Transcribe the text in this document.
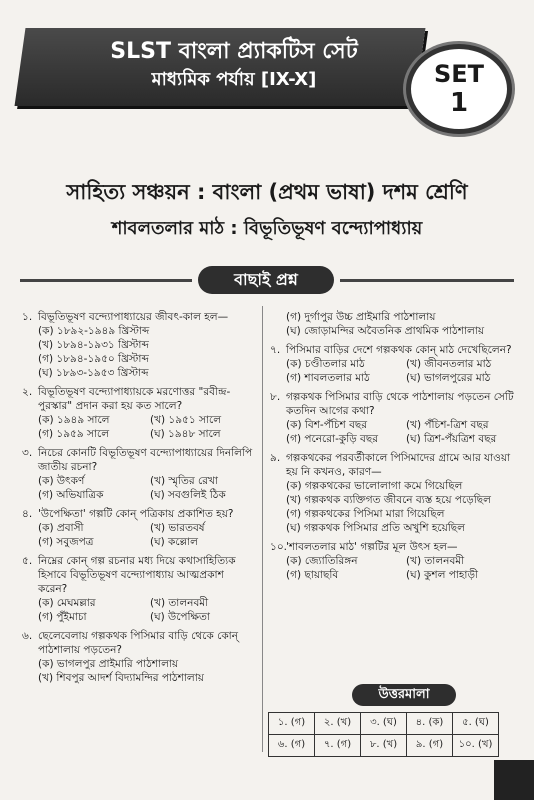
SLST বাংলা প্র্যাকটিস সেট
মাধ্যমিক পর্যায় [IX-X]	SET
1
সাহিত্য সঞ্চয়ন : বাংলা (প্রথম ভাষা) দশম শ্রেণি
শাবলতলার মাঠ : বিভূতিভূষণ বন্দ্যোপাধ্যায়
বাছাই প্রশ্ন
১. বিভূতিভূষণ বন্দ্যোপাধ্যায়ের জীবৎ-কাল হল—
(ক) ১৮৯২-১৯৪৯ খ্রিস্টাব্দ
(খ) ১৮৯৪-১৯৩১ খ্রিস্টাব্দ
(গ) ১৮৯৪-১৯৫০ খ্রিস্টাব্দ
(ঘ) ১৮৯৩-১৯৫৩ খ্রিস্টাব্দ
২. বিভূতিভূষণ বন্দ্যোপাধ্যায়কে মরণোত্তর "রবীন্দ্র-পুরস্কার" প্রদান করা হয় কত সালে?
(ক) ১৯৪৯ সালে	(খ) ১৯৫১ সালে
(গ) ১৯৫৯ সালে	(ঘ) ১৯৪৮ সালে
৩. নিচের কোনটি বিভূতিভূষণ বন্দ্যোপাধ্যায়ের দিনলিপি জাতীয় রচনা?
(ক) উৎকর্ণ	(খ) স্মৃতির রেখা
(গ) অভিযাত্রিক	(ঘ) সবগুলিই ঠিক
৪. 'উপেক্ষিতা' গল্পটি কোন্ পত্রিকায় প্রকাশিত হয়?
(ক) প্রবাসী	(খ) ভারতবর্ষ
(গ) সবুজপত্র	(ঘ) কল্লোল
৫. নিম্নের কোন্ গল্প রচনার মধ্য দিয়ে কথাসাহিত্যিক হিসাবে বিভূতিভূষণ বন্দ্যোপাধ্যায় আত্মপ্রকাশ করেন?
(ক) মেঘমল্লার	(খ) তালনবমী
(গ) পুঁইমাচা	(ঘ) উপেক্ষিতা
৬. ছেলেবেলায় গল্পকথক পিসিমার বাড়ি থেকে কোন্ পাঠশালায় পড়তেন?
(ক) ভাগলপুর প্রাইমারি পাঠশালায়
(খ) শিবপুর আদর্শ বিদ্যামন্দির পাঠশালায়
(গ) দুর্গাপুর উচ্চ প্রাইমারি পাঠশালায়
(ঘ) জোড়ামন্দির অবৈতনিক প্রাথমিক পাঠশালায়
৭. পিসিমার বাড়ির দেশে গল্পকথক কোন্ মাঠ দেখেছিলেন?
(ক) চণ্ডীতলার মাঠ	(খ) জীবনতলার মাঠ
(গ) শাবলতলার মাঠ	(ঘ) ভাগলপুরের মাঠ
৮. গল্পকথক পিসিমার বাড়ি থেকে পাঠশালায় পড়তেন সেটি কতদিন আগের কথা?
(ক) বিশ-পঁচিশ বছর	(খ) পঁচিশ-ত্রিশ বছর
(গ) পনেরো-কুড়ি বছর	(ঘ) ত্রিশ-পঁয়ত্রিশ বছর
৯. গল্পকথকের পরবর্তীকালে পিসিমাদের গ্রামে আর যাওয়া হয় নি কখনও, কারণ—
(ক) গল্পকথকের ভালোলাগা কমে গিয়েছিল
(খ) গল্পকথক ব্যক্তিগত জীবনে ব্যস্ত হয়ে পড়েছিল
(গ) গল্পকথকের পিসিমা মারা গিয়েছিল
(ঘ) গল্পকথক পিসিমার প্রতি অখুশি হয়েছিল
১০. 'শাবলতলার মাঠ' গল্পটির মূল উৎস হল—
(ক) জ্যোতিরিঙ্গন	(খ) তালনবমী
(গ) ছায়াছবি	(ঘ) কুশল পাহাড়ী
উত্তরমালা
১. (গ)	২. (খ)	৩. (ঘ)	৪. (ক)	৫. (ঘ)
৬. (গ)	৭. (গ)	৮. (খ)	৯. (গ)	১০. (খ)
